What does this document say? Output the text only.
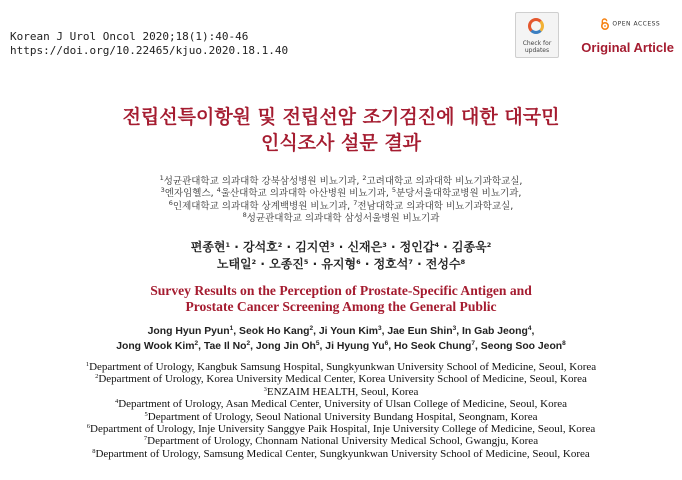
Korean J Urol Oncol 2020;18(1):40-46
https://doi.org/10.22465/kjuo.2020.18.1.40
Check for
updates
OPEN ACCESS
Original Article
전립선특이항원 및 전립선암 조기검진에 대한 대국민
인식조사 설문 결과
$^1$성균관대학교 의과대학 강북삼성병원 비뇨기과, $^2$고려대학교 의과대학 비뇨기과학교실,
$^3$엔자임헬스, $^4$울산대학교 의과대학 아산병원 비뇨기과, $^5$분당서울대학교병원 비뇨기과,
$^6$인제대학교 의과대학 상계백병원 비뇨기과, $^7$전남대학교 의과대학 비뇨기과학교실,
$^8$성균관대학교 의과대학 삼성서울병원 비뇨기과
편종현$^1$ · 강석호$^2$ · 김지연$^3$ · 신재은$^3$ · 정인갑$^4$ · 김종욱$^2$
노태일$^2$ · 오종진$^5$ · 유지형$^6$ · 정호석$^7$ · 전성수$^8$
Survey Results on the Perception of Prostate-Specific Antigen and
Prostate Cancer Screening Among the General Public
Jong Hyun Pyun$^1$, Seok Ho Kang$^2$, Ji Youn Kim$^3$, Jae Eun Shin$^3$, In Gab Jeong$^4$,
Jong Wook Kim$^2$, Tae Il No$^2$, Jong Jin Oh$^5$, Ji Hyung Yu$^6$, Ho Seok Chung$^7$, Seong Soo Jeon$^8$
$^1$Department of Urology, Kangbuk Samsung Hospital, Sungkyunkwan University School of Medicine, Seoul, Korea
$^2$Department of Urology, Korea University Medical Center, Korea University School of Medicine, Seoul, Korea
$^3$ENZAIM HEALTH, Seoul, Korea
$^4$Department of Urology, Asan Medical Center, University of Ulsan College of Medicine, Seoul, Korea
$^5$Department of Urology, Seoul National University Bundang Hospital, Seongnam, Korea
$^6$Department of Urology, Inje University Sanggye Paik Hospital, Inje University College of Medicine, Seoul, Korea
$^7$Department of Urology, Chonnam National University Medical School, Gwangju, Korea
$^8$Department of Urology, Samsung Medical Center, Sungkyunkwan University School of Medicine, Seoul, Korea
